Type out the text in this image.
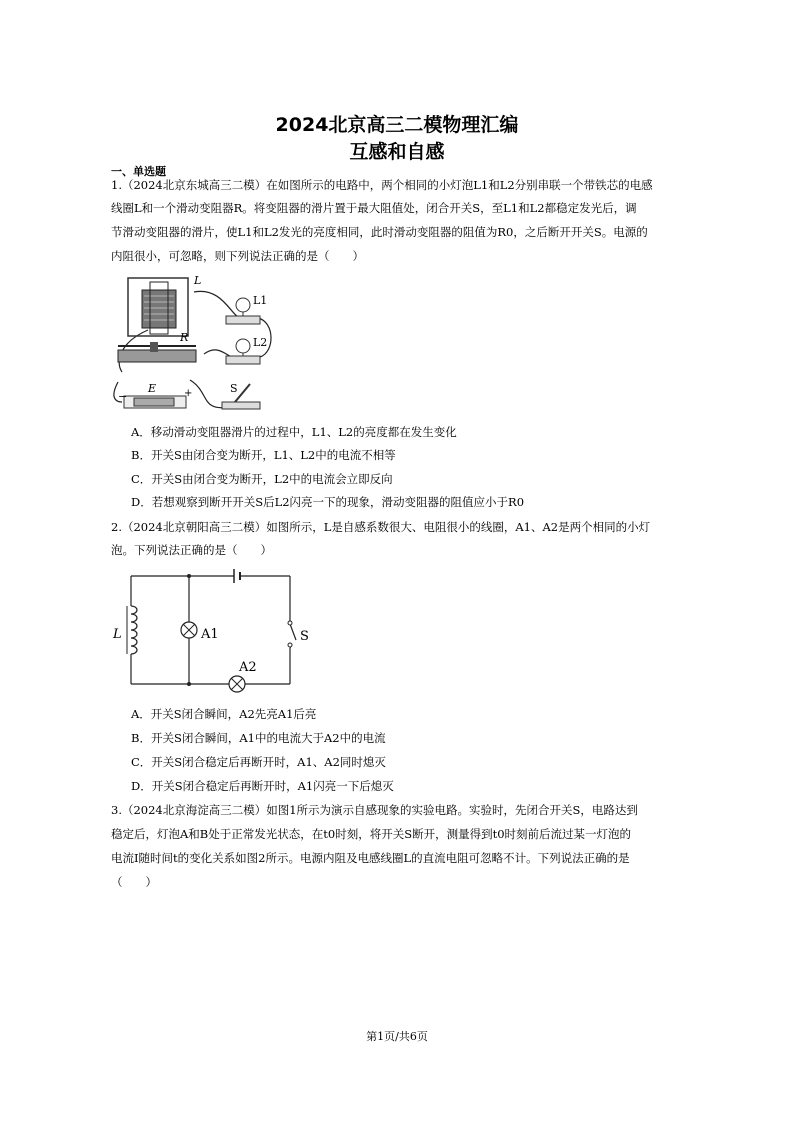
2024北京高三二模物理汇编
互感和自感
一、单选题
1.（2024北京东城高三二模）在如图所示的电路中，两个相同的小灯泡L1和L2分别串联一个带铁芯的电感
线圈L和一个滑动变阻器R。将变阻器的滑片置于最大阻值处，闭合开关S，至L1和L2都稳定发光后，调
节滑动变阻器的滑片，使L1和L2发光的亮度相同，此时滑动变阻器的阻值为R0，之后断开开关S。电源的
内阻很小，可忽略，则下列说法正确的是（　　）
L
L1
L2
R
E
−	+	S
A．移动滑动变阻器滑片的过程中，L1、L2的亮度都在发生变化
B．开关S由闭合变为断开，L1、L2中的电流不相等
C．开关S由闭合变为断开，L2中的电流会立即反向
D．若想观察到断开开关S后L2闪亮一下的现象，滑动变阻器的阻值应小于R0
2.（2024北京朝阳高三二模）如图所示，L是自感系数很大、电阻很小的线圈，A1、A2是两个相同的小灯
泡。下列说法正确的是（　　）
L	A1
A2
S
A．开关S闭合瞬间，A2先亮A1后亮
B．开关S闭合瞬间，A1中的电流大于A2中的电流
C．开关S闭合稳定后再断开时，A1、A2同时熄灭
D．开关S闭合稳定后再断开时，A1闪亮一下后熄灭
3.（2024北京海淀高三二模）如图1所示为演示自感现象的实验电路。实验时，先闭合开关S，电路达到
稳定后，灯泡A和B处于正常发光状态，在t0时刻，将开关S断开，测量得到t0时刻前后流过某一灯泡的
电流I随时间t的变化关系如图2所示。电源内阻及电感线圈L的直流电阻可忽略不计。下列说法正确的是
（　　）
第1页/共6页
